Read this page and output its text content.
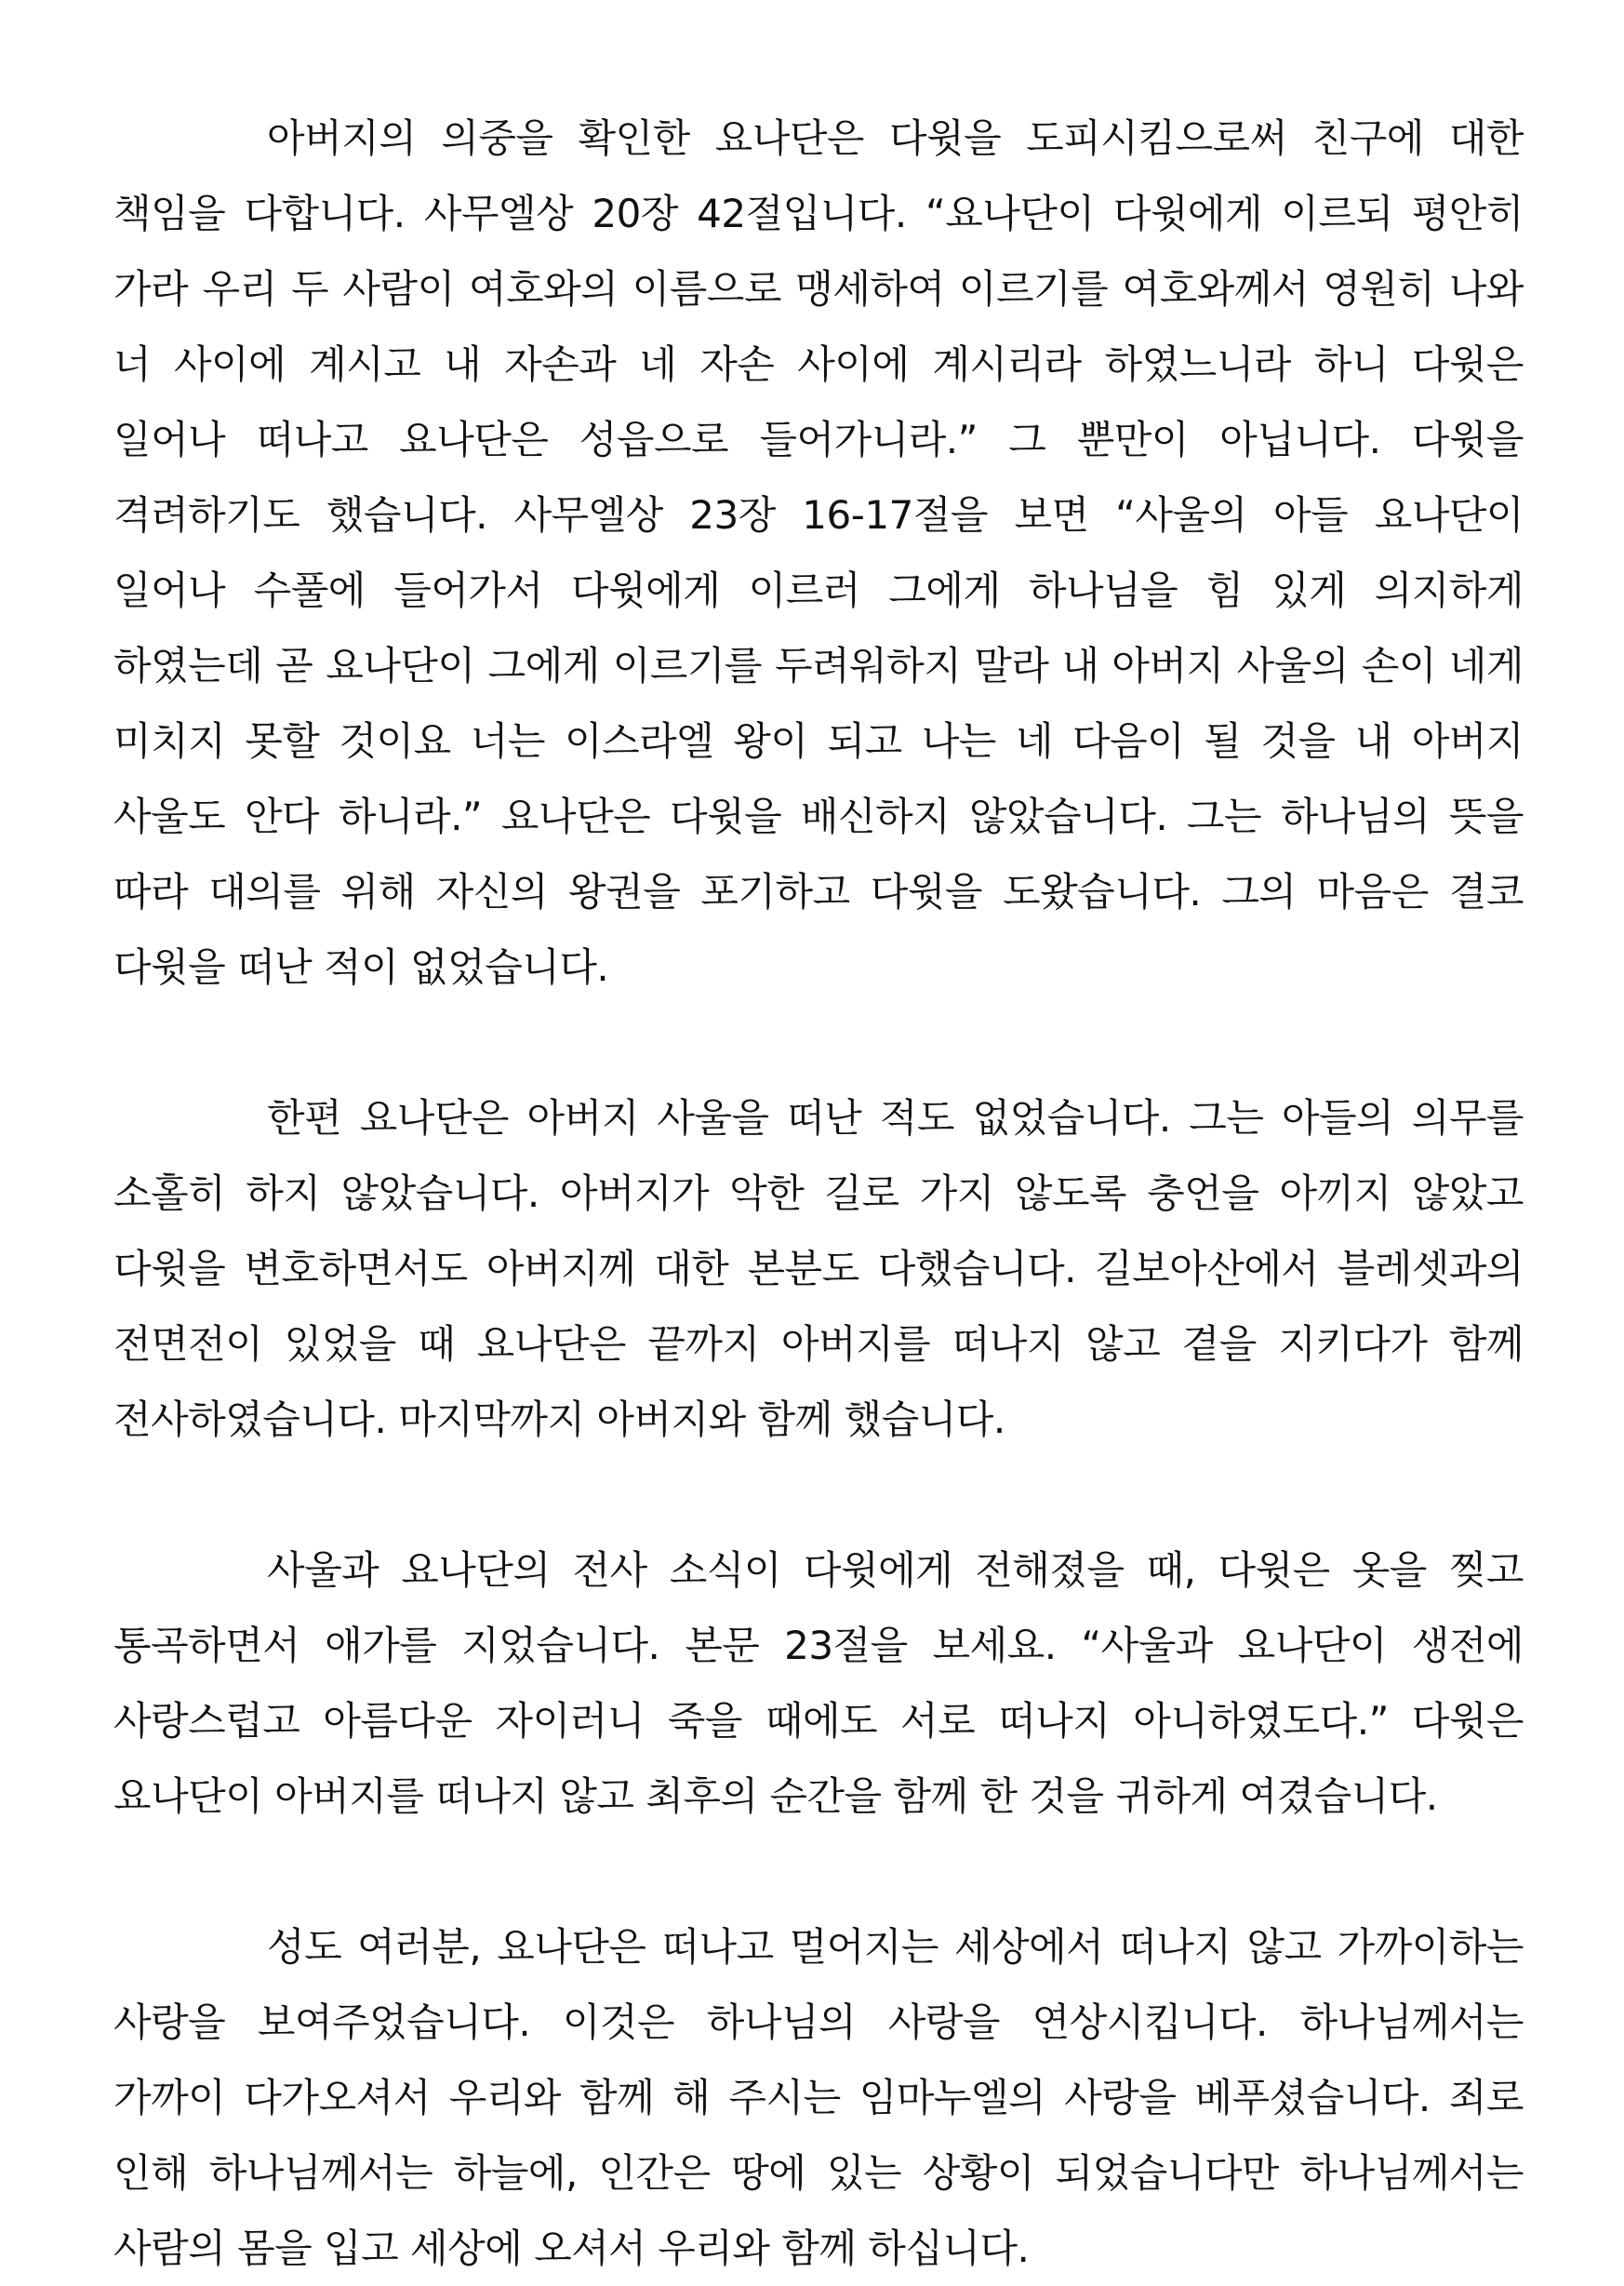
아버지의 의중을 확인한 요나단은 다윗을 도피시킴으로써 친구에 대한 책임을 다합니다. 사무엘상 20장 42절입니다. “요나단이 다윗에게 이르되 평안히 가라 우리 두 사람이 여호와의 이름으로 맹세하여 이르기를 여호와께서 영원히 나와 너 사이에 계시고 내 자손과 네 자손 사이에 계시리라 하였느니라 하니 다윗은 일어나 떠나고 요나단은 성읍으로 들어가니라.” 그 뿐만이 아닙니다. 다윗을 격려하기도 했습니다. 사무엘상 23장 16-17절을 보면 “사울의 아들 요나단이 일어나 수풀에 들어가서 다윗에게 이르러 그에게 하나님을 힘 있게 의지하게 하였는데 곧 요나단이 그에게 이르기를 두려워하지 말라 내 아버지 사울의 손이 네게 미치지 못할 것이요 너는 이스라엘 왕이 되고 나는 네 다음이 될 것을 내 아버지 사울도 안다 하니라.” 요나단은 다윗을 배신하지 않았습니다. 그는 하나님의 뜻을 따라 대의를 위해 자신의 왕권을 포기하고 다윗을 도왔습니다. 그의 마음은 결코 다윗을 떠난 적이 없었습니다.

한편 요나단은 아버지 사울을 떠난 적도 없었습니다. 그는 아들의 의무를 소홀히 하지 않았습니다. 아버지가 악한 길로 가지 않도록 충언을 아끼지 않았고 다윗을 변호하면서도 아버지께 대한 본분도 다했습니다. 길보아산에서 블레셋과의 전면전이 있었을 때 요나단은 끝까지 아버지를 떠나지 않고 곁을 지키다가 함께 전사하였습니다. 마지막까지 아버지와 함께 했습니다.

사울과 요나단의 전사 소식이 다윗에게 전해졌을 때, 다윗은 옷을 찢고 통곡하면서 애가를 지었습니다. 본문 23절을 보세요. “사울과 요나단이 생전에 사랑스럽고 아름다운 자이러니 죽을 때에도 서로 떠나지 아니하였도다.” 다윗은 요나단이 아버지를 떠나지 않고 최후의 순간을 함께 한 것을 귀하게 여겼습니다.

성도 여러분, 요나단은 떠나고 멀어지는 세상에서 떠나지 않고 가까이하는 사랑을 보여주었습니다. 이것은 하나님의 사랑을 연상시킵니다. 하나님께서는 가까이 다가오셔서 우리와 함께 해 주시는 임마누엘의 사랑을 베푸셨습니다. 죄로 인해 하나님께서는 하늘에, 인간은 땅에 있는 상황이 되었습니다만 하나님께서는 사람의 몸을 입고 세상에 오셔서 우리와 함께 하십니다.
